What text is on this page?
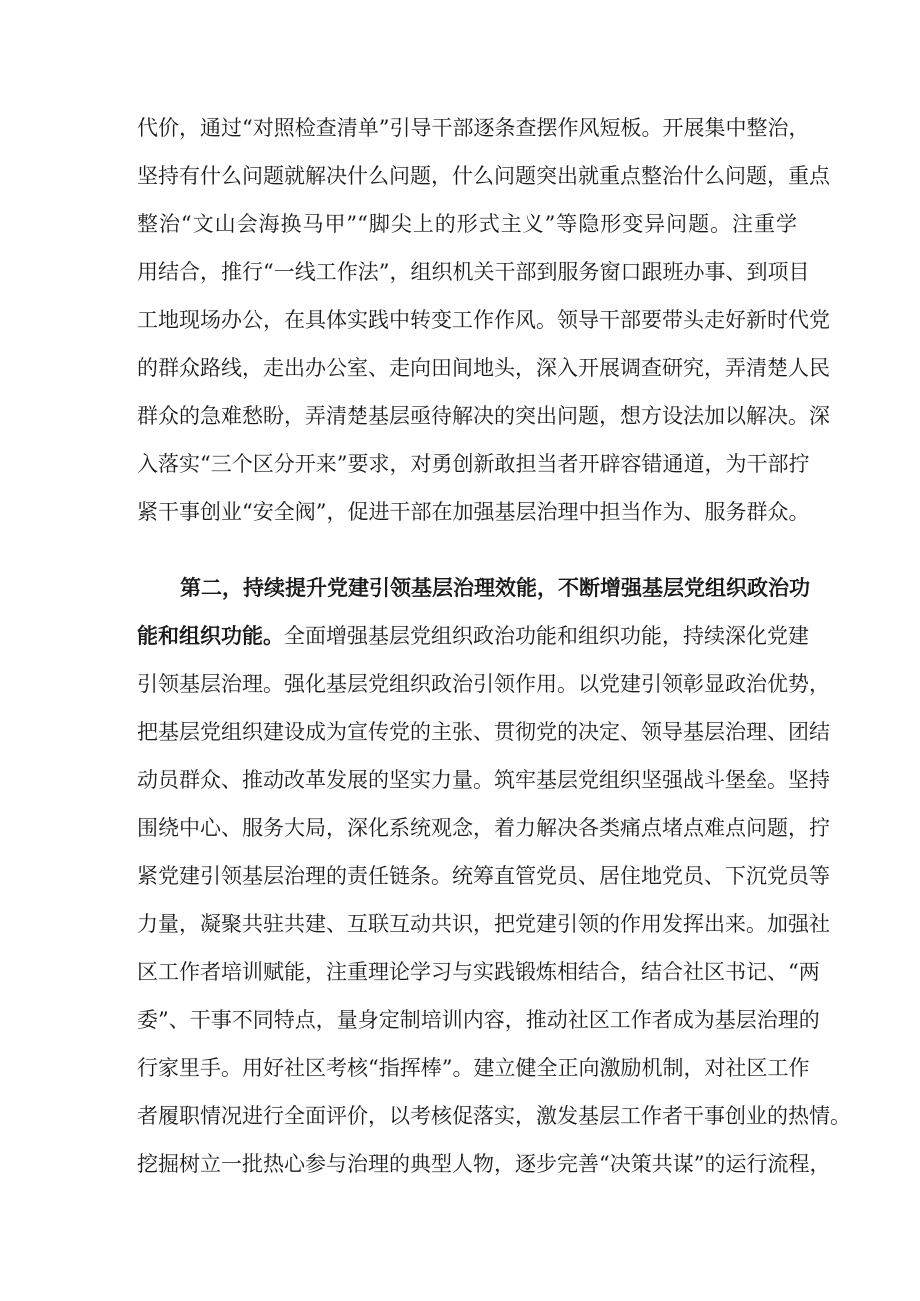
代价，通过“对照检查清单”引导干部逐条查摆作风短板。开展集中整治，
坚持有什么问题就解决什么问题，什么问题突出就重点整治什么问题，重点
整治“文山会海换马甲”“脚尖上的形式主义”等隐形变异问题。注重学
用结合，推行“一线工作法”，组织机关干部到服务窗口跟班办事、到项目
工地现场办公，在具体实践中转变工作作风。领导干部要带头走好新时代党
的群众路线，走出办公室、走向田间地头，深入开展调查研究，弄清楚人民
群众的急难愁盼，弄清楚基层亟待解决的突出问题，想方设法加以解决。深
入落实“三个区分开来”要求，对勇创新敢担当者开辟容错通道，为干部拧
紧干事创业“安全阀”，促进干部在加强基层治理中担当作为、服务群众。
第二，持续提升党建引领基层治理效能，不断增强基层党组织政治功
能和组织功能。全面增强基层党组织政治功能和组织功能，持续深化党建
引领基层治理。强化基层党组织政治引领作用。以党建引领彰显政治优势，
把基层党组织建设成为宣传党的主张、贯彻党的决定、领导基层治理、团结
动员群众、推动改革发展的坚实力量。筑牢基层党组织坚强战斗堡垒。坚持
围绕中心、服务大局，深化系统观念，着力解决各类痛点堵点难点问题，拧
紧党建引领基层治理的责任链条。统筹直管党员、居住地党员、下沉党员等
力量，凝聚共驻共建、互联互动共识，把党建引领的作用发挥出来。加强社
区工作者培训赋能，注重理论学习与实践锻炼相结合，结合社区书记、“两
委”、干事不同特点，量身定制培训内容，推动社区工作者成为基层治理的
行家里手。用好社区考核“指挥棒”。建立健全正向激励机制，对社区工作
者履职情况进行全面评价，以考核促落实，激发基层工作者干事创业的热情。
挖掘树立一批热心参与治理的典型人物，逐步完善“决策共谋”的运行流程，
